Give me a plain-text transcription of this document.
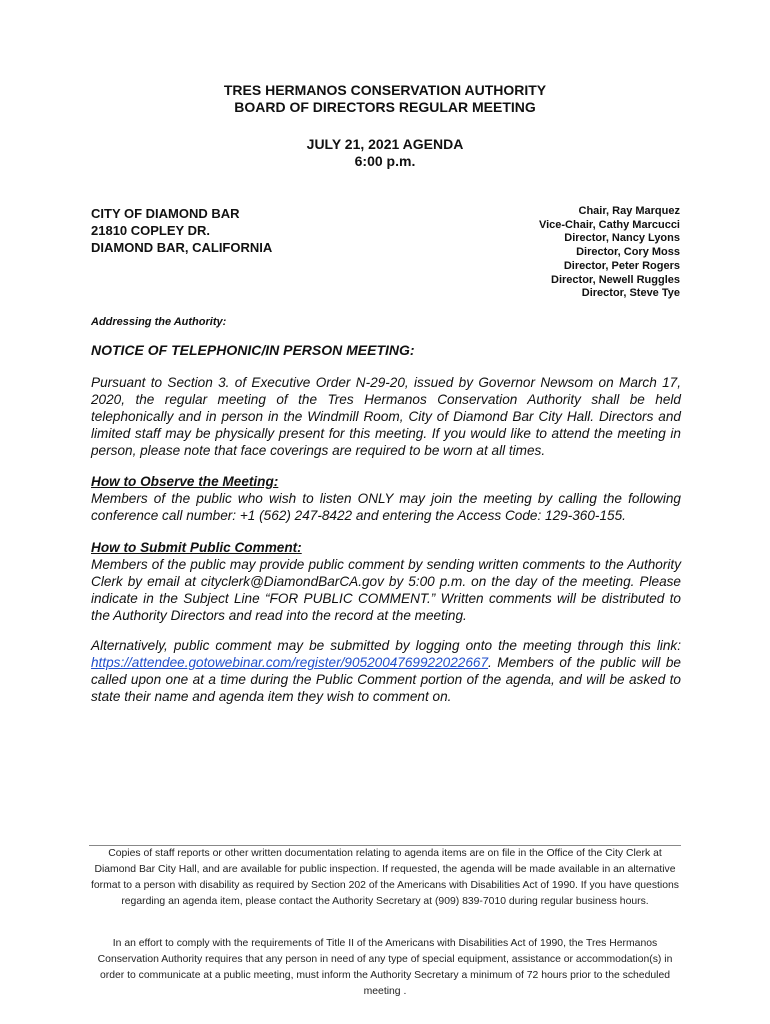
TRES HERMANOS CONSERVATION AUTHORITY
BOARD OF DIRECTORS REGULAR MEETING
JULY 21, 2021 AGENDA
6:00 p.m.
CITY OF DIAMOND BAR
21810 COPLEY DR.
DIAMOND BAR, CALIFORNIA
Chair, Ray Marquez
Vice-Chair, Cathy Marcucci
Director, Nancy Lyons
Director, Cory Moss
Director, Peter Rogers
Director, Newell Ruggles
Director, Steve Tye
Addressing the Authority:
NOTICE OF TELEPHONIC/IN PERSON MEETING:
Pursuant to Section 3. of Executive Order N-29-20, issued by Governor Newsom on March 17, 2020, the regular meeting of the Tres Hermanos Conservation Authority shall be held telephonically and in person in the Windmill Room, City of Diamond Bar City Hall. Directors and limited staff may be physically present for this meeting. If you would like to attend the meeting in person, please note that face coverings are required to be worn at all times.
How to Observe the Meeting:
Members of the public who wish to listen ONLY may join the meeting by calling the following conference call number: +1 (562) 247-8422 and entering the Access Code: 129-360-155.
How to Submit Public Comment:
Members of the public may provide public comment by sending written comments to the Authority Clerk by email at cityclerk@DiamondBarCA.gov by 5:00 p.m. on the day of the meeting. Please indicate in the Subject Line “FOR PUBLIC COMMENT.” Written comments will be distributed to the Authority Directors and read into the record at the meeting.
Alternatively, public comment may be submitted by logging onto the meeting through this link: https://attendee.gotowebinar.com/register/9052004769922022667. Members of the public will be called upon one at a time during the Public Comment portion of the agenda, and will be asked to state their name and agenda item they wish to comment on.
Copies of staff reports or other written documentation relating to agenda items are on file in the Office of the City Clerk at Diamond Bar City Hall, and are available for public inspection. If requested, the agenda will be made available in an alternative format to a person with disability as required by Section 202 of the Americans with Disabilities Act of 1990. If you have questions regarding an agenda item, please contact the Authority Secretary at (909) 839-7010 during regular business hours.
In an effort to comply with the requirements of Title II of the Americans with Disabilities Act of 1990, the Tres Hermanos Conservation Authority requires that any person in need of any type of special equipment, assistance or accommodation(s) in order to communicate at a public meeting, must inform the Authority Secretary a minimum of 72 hours prior to the scheduled meeting .
